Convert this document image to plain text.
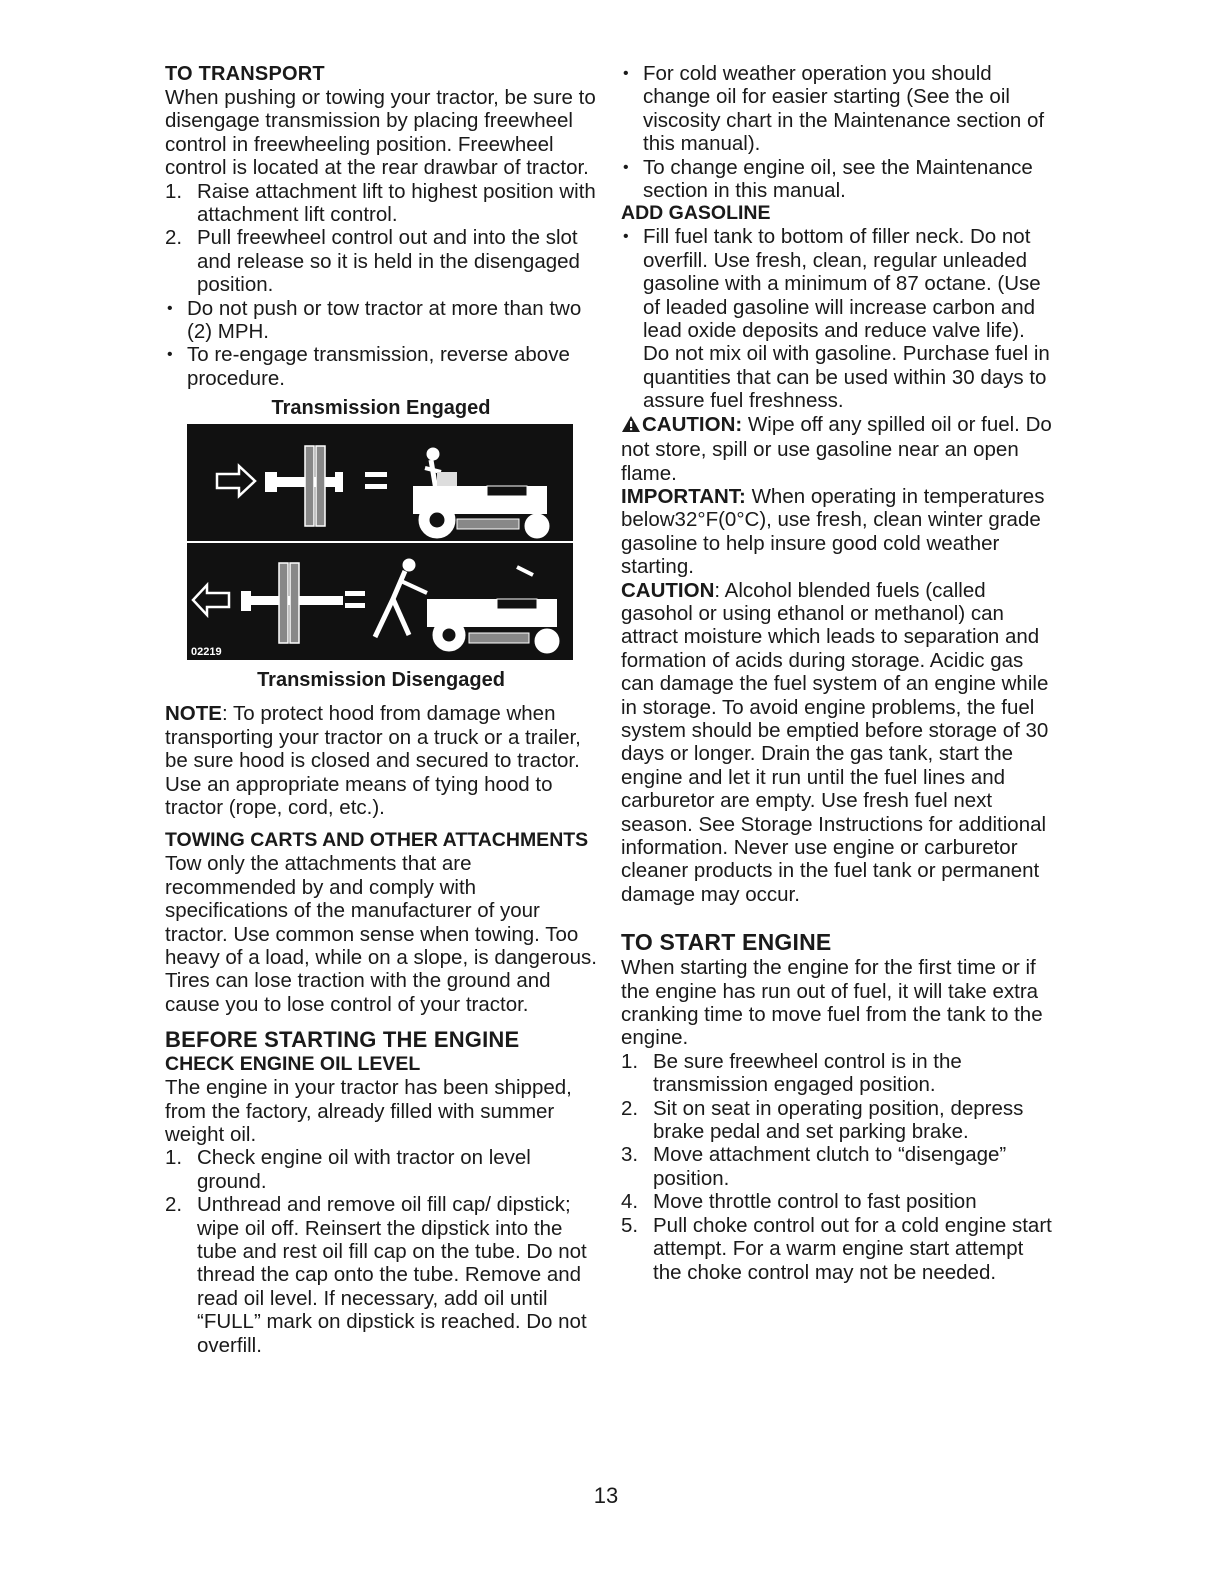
TO TRANSPORT

When pushing or towing your tractor, be sure to disengage transmission by placing freewheel control in freewheeling position. Freewheel control is located at the rear drawbar of tractor.

1. Raise attachment lift to highest position with attachment lift control.
2. Pull freewheel control out and into the slot and release so it is held in the disengaged position.
• Do not push or tow tractor at more than two (2) MPH.
• To re-engage transmission, reverse above procedure.
Transmission Engaged
02219
Transmission Disengaged

NOTE: To protect hood from damage when transporting your tractor on a truck or a trailer, be sure hood is closed and secured to tractor. Use an appropriate means of tying hood to tractor (rope, cord, etc.).

TOWING CARTS AND OTHER ATTACHMENTS

Tow only the attachments that are recommended by and comply with specifications of the manufacturer of your tractor. Use common sense when towing. Too heavy of a load, while on a slope, is dangerous. Tires can lose traction with the ground and cause you to lose control of your tractor.

BEFORE STARTING THE ENGINE
CHECK ENGINE OIL LEVEL

The engine in your tractor has been shipped, from the factory, already filled with summer weight oil.

1. Check engine oil with tractor on level ground.
2. Unthread and remove oil fill cap/ dipstick; wipe oil off. Reinsert the dipstick into the tube and rest oil fill cap on the tube. Do not thread the cap onto the tube. Remove and read oil level. If necessary, add oil until “FULL” mark on dipstick is reached. Do not overfill.
• For cold weather operation you should change oil for easier starting (See the oil viscosity chart in the Maintenance section of this manual).
• To change engine oil, see the Maintenance section in this manual.
ADD GASOLINE
• Fill fuel tank to bottom of filler neck. Do not overfill. Use fresh, clean, regular unleaded gasoline with a minimum of 87 octane. (Use of leaded gasoline will increase carbon and lead oxide deposits and reduce valve life). Do not mix oil with gasoline. Purchase fuel in quantities that can be used within 30 days to assure fuel freshness.

CAUTION: Wipe off any spilled oil or fuel. Do not store, spill or use gasoline near an open flame.

IMPORTANT: When operating in temperatures below32°F(0°C), use fresh, clean winter grade gasoline to help insure good cold weather starting.

CAUTION: Alcohol blended fuels (called gasohol or using ethanol or methanol) can attract moisture which leads to separation and formation of acids during storage. Acidic gas can damage the fuel system of an engine while in storage. To avoid engine problems, the fuel system should be emptied before storage of 30 days or longer. Drain the gas tank, start the engine and let it run until the fuel lines and carburetor are empty. Use fresh fuel next season. See Storage Instructions for additional information. Never use engine or carburetor cleaner products in the fuel tank or permanent damage may occur.

TO START ENGINE

When starting the engine for the first time or if the engine has run out of fuel, it will take extra cranking time to move fuel from the tank to the engine.

1. Be sure freewheel control is in the transmission engaged position.
2. Sit on seat in operating position, depress brake pedal and set parking brake.
3. Move attachment clutch to “disengage” position.
4. Move throttle control to fast position
5. Pull choke control out for a cold engine start attempt. For a warm engine start attempt the choke control may not be needed.
13
